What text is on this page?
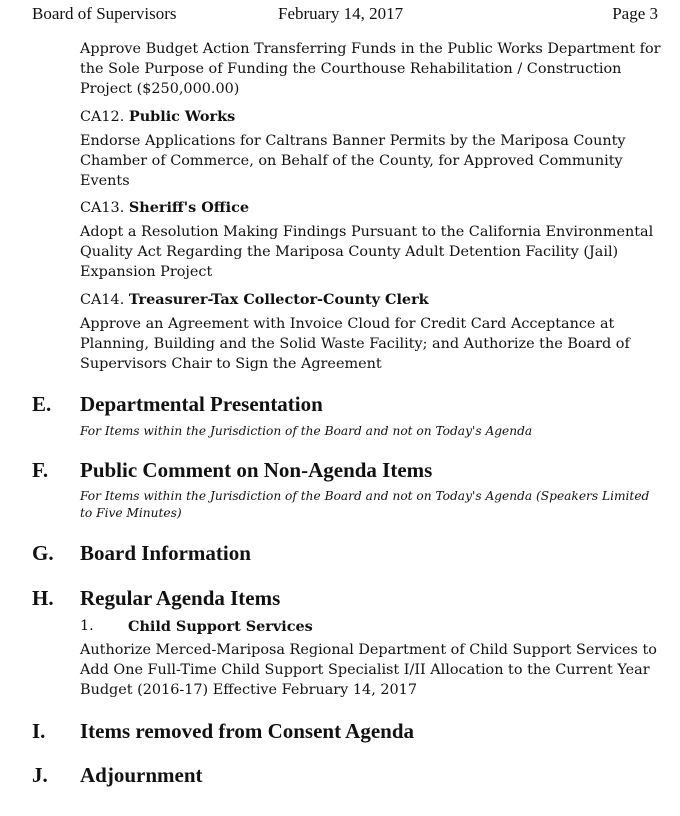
Board of Supervisors	February 14, 2017	Page 3

Approve Budget Action Transferring Funds in the Public Works Department for the Sole Purpose of Funding the Courthouse Rehabilitation / Construction Project ($250,000.00)

CA12. Public Works

Endorse Applications for Caltrans Banner Permits by the Mariposa County Chamber of Commerce, on Behalf of the County, for Approved Community Events

CA13. Sheriff's Office

Adopt a Resolution Making Findings Pursuant to the California Environmental Quality Act Regarding the Mariposa County Adult Detention Facility (Jail) Expansion Project

CA14. Treasurer-Tax Collector-County Clerk

Approve an Agreement with Invoice Cloud for Credit Card Acceptance at Planning, Building and the Solid Waste Facility; and Authorize the Board of Supervisors Chair to Sign the Agreement

E. Departmental Presentation
For Items within the Jurisdiction of the Board and not on Today's Agenda
F. Public Comment on Non-Agenda Items
For Items within the Jurisdiction of the Board and not on Today's Agenda (Speakers Limited to Five Minutes)
G. Board Information
H. Regular Agenda Items
1. Child Support Services

Authorize Merced-Mariposa Regional Department of Child Support Services to Add One Full-Time Child Support Specialist I/II Allocation to the Current Year Budget (2016-17) Effective February 14, 2017

I. Items removed from Consent Agenda
J. Adjournment
